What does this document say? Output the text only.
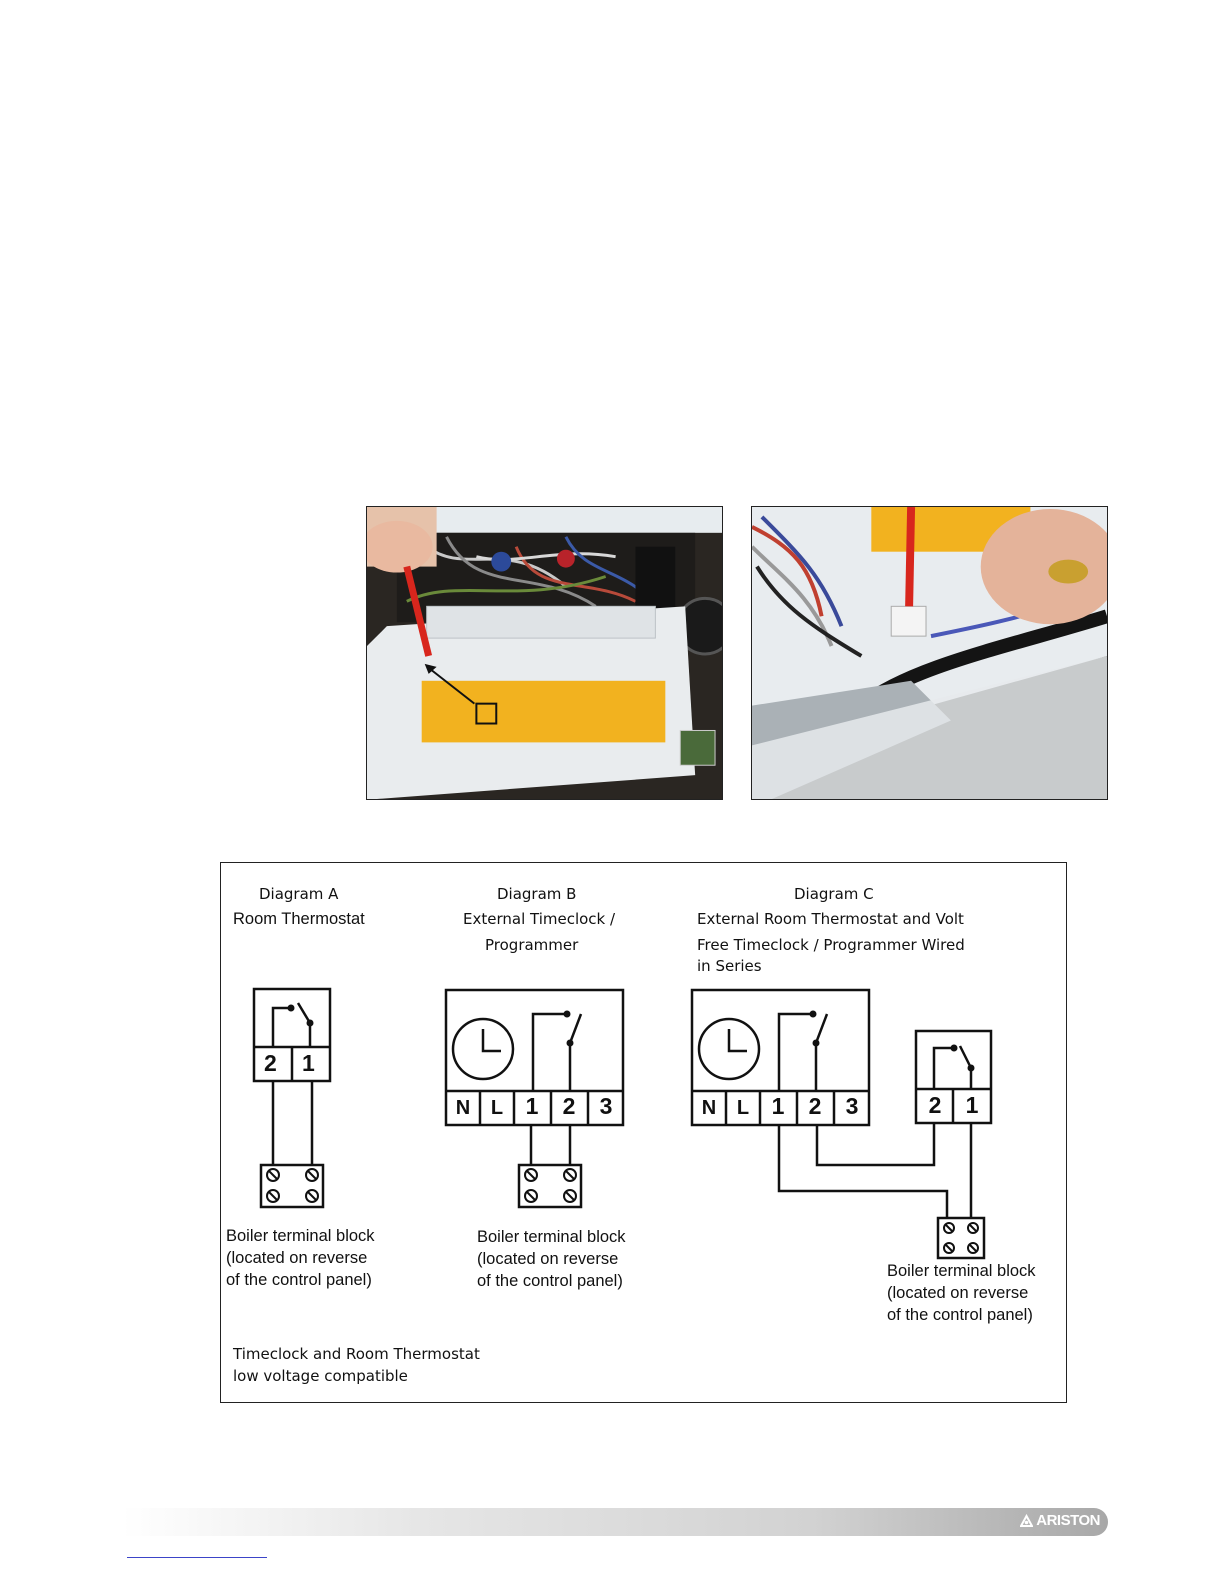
Diagram A
Room Thermostat
2 1
Boiler terminal block
(located on reverse
of the control panel)
Diagram B
External Timeclock /
Programmer
N L 1 2 3
Boiler terminal block
(located on reverse
of the control panel)
Diagram C
External Room Thermostat and Volt
Free Timeclock / Programmer Wired
in Series
N L 1 2 3	2 1
Boiler terminal block
(located on reverse
of the control panel)
Timeclock and Room Thermostat
low voltage compatible
ARISTON
